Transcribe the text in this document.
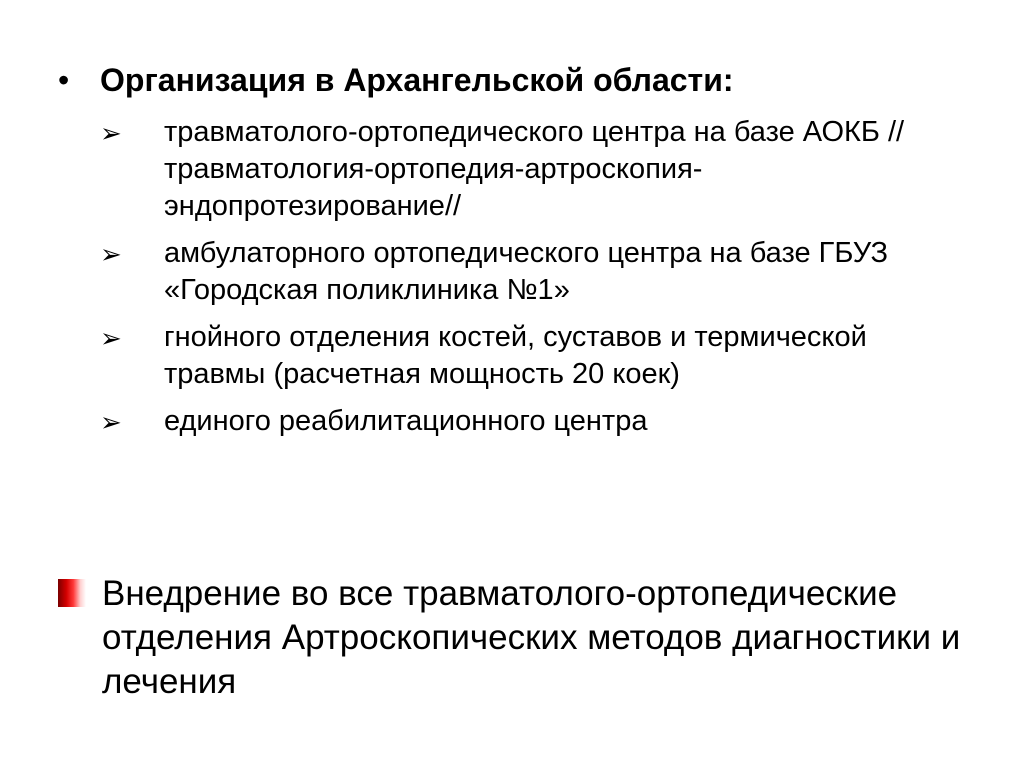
• Организация в Архангельской области:
➢	травматолого-ортопедического центра на базе АОКБ //травматология-ортопедия-артроскопия-эндопротезирование//
➢	амбулаторного ортопедического центра на базе ГБУЗ «Городская поликлиника №1»
➢	гнойного отделения костей, суставов и термической травмы (расчетная мощность 20 коек)
➢	единого реабилитационного центра
Внедрение во все травматолого-ортопедические отделения Артроскопических методов диагностики и лечения
